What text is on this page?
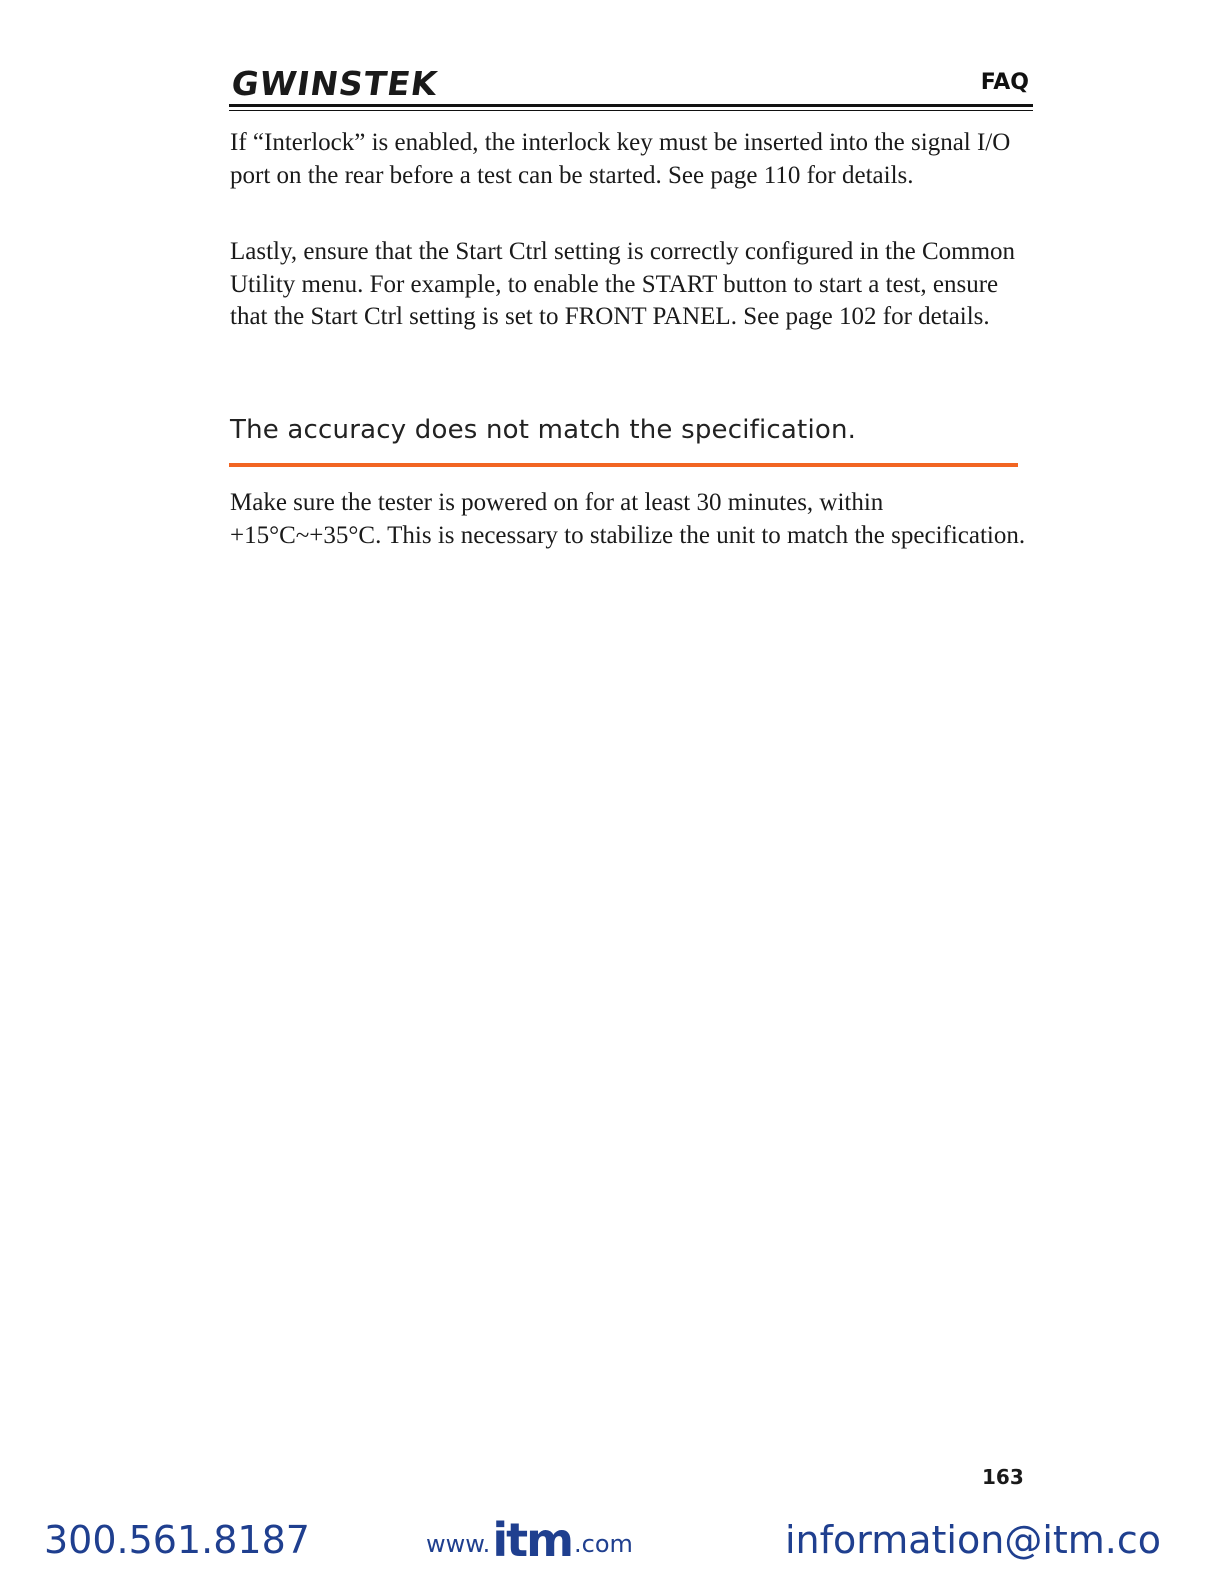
GWINSTEK	FAQ

If “Interlock” is enabled, the interlock key must be inserted into the signal I/O port on the rear before a test can be started. See page 110 for details.

Lastly, ensure that the Start Ctrl setting is correctly configured in the Common Utility menu. For example, to enable the START button to start a test, ensure that the Start Ctrl setting is set to FRONT PANEL. See page 102 for details.

The accuracy does not match the specification.

Make sure the tester is powered on for at least 30 minutes, within +15°C~+35°C. This is necessary to stabilize the unit to match the specification.

163
300.561.8187	www. itm .com	information@itm.co
